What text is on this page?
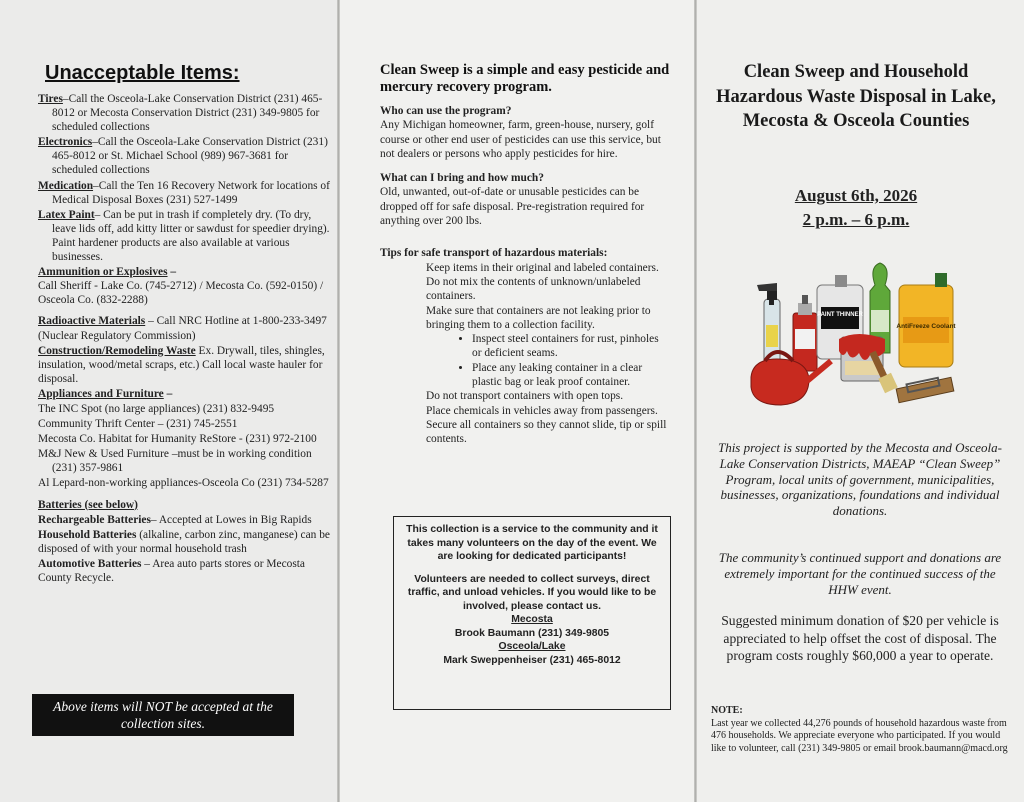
Unacceptable Items:

Tires–Call the Osceola-Lake Conservation District (231) 465-8012 or Mecosta Conservation District (231) 349-9805 for scheduled collections

Electronics–Call the Osceola-Lake Conservation District (231) 465-8012 or St. Michael School (989) 967-3681 for scheduled collections

Medication–Call the Ten 16 Recovery Network for locations of Medical Disposal Boxes (231) 527-1499

Latex Paint– Can be put in trash if completely dry. (To dry, leave lids off, add kitty litter or sawdust for speedier drying). Paint hardener products are also available at various businesses.

Ammunition or Explosives –
Call Sheriff - Lake Co. (745-2712) / Mecosta Co. (592-0150) / Osceola Co. (832-2288)

Radioactive Materials – Call NRC Hotline at 1-800-233-3497 (Nuclear Regulatory Commission)

Construction/Remodeling Waste Ex. Drywall, tiles, shingles, insulation, wood/metal scraps, etc.) Call local waste hauler for disposal.

Appliances and Furniture –

The INC Spot (no large appliances) (231) 832-9495

Community Thrift Center – (231) 745-2551

Mecosta Co. Habitat for Humanity ReStore - (231) 972-2100

M&J New & Used Furniture –must be in working condition (231) 357-9861

Al Lepard-non-working appliances-Osceola Co (231) 734-5287

Batteries (see below)

Rechargeable Batteries– Accepted at Lowes in Big Rapids

Household Batteries (alkaline, carbon zinc, manganese) can be disposed of with your normal household trash

Automotive Batteries – Area auto parts stores or Mecosta County Recycle.

Above items will NOT be accepted at the collection sites.

Clean Sweep is a simple and easy pesticide and mercury recovery program.

Who can use the program?

Any Michigan homeowner, farm, green-house, nursery, golf course or other end user of pesticides can use this service, but not dealers or persons who apply pesticides for hire.

What can I bring and how much?

Old, unwanted, out-of-date or unusable pesticides can be dropped off for safe disposal. Pre-registration required for anything over 200 lbs.

Tips for safe transport of hazardous materials:

Keep items in their original and labeled containers.

Do not mix the contents of unknown/unlabeled containers.

Make sure that containers are not leaking prior to bringing them to a collection facility.

• Inspect steel containers for rust, pinholes or deficient seams.
• Place any leaking container in a clear plastic bag or leak proof container.

Do not transport containers with open tops.

Place chemicals in vehicles away from passengers.

Secure all containers so they cannot slide, tip or spill contents.

This collection is a service to the community and it takes many volunteers on the day of the event. We are looking for dedicated participants!

Volunteers are needed to collect surveys, direct traffic, and unload vehicles. If you would like to be involved, please contact us.

Mecosta

Brook Baumann (231) 349-9805

Osceola/Lake

Mark Sweppenheiser (231) 465-8012

Clean Sweep and Household Hazardous Waste Disposal in Lake, Mecosta & Osceola Counties
August 6th, 2026
2 p.m. – 6 p.m.
PAINT THINNER
AntiFreeze Coolant

This project is supported by the Mecosta and Osceola-Lake Conservation Districts, MAEAP “Clean Sweep” Program, local units of government, municipalities, businesses, organizations, foundations and individual donations.

The community’s continued support and donations are extremely important for the continued success of the HHW event.

Suggested minimum donation of $20 per vehicle is appreciated to help offset the cost of disposal. The program costs roughly $60,000 a year to operate.

NOTE:
Last year we collected 44,276 pounds of household hazardous waste from 476 households. We appreciate everyone who participated. If you would like to volunteer, call (231) 349-9805 or email brook.baumann@macd.org
